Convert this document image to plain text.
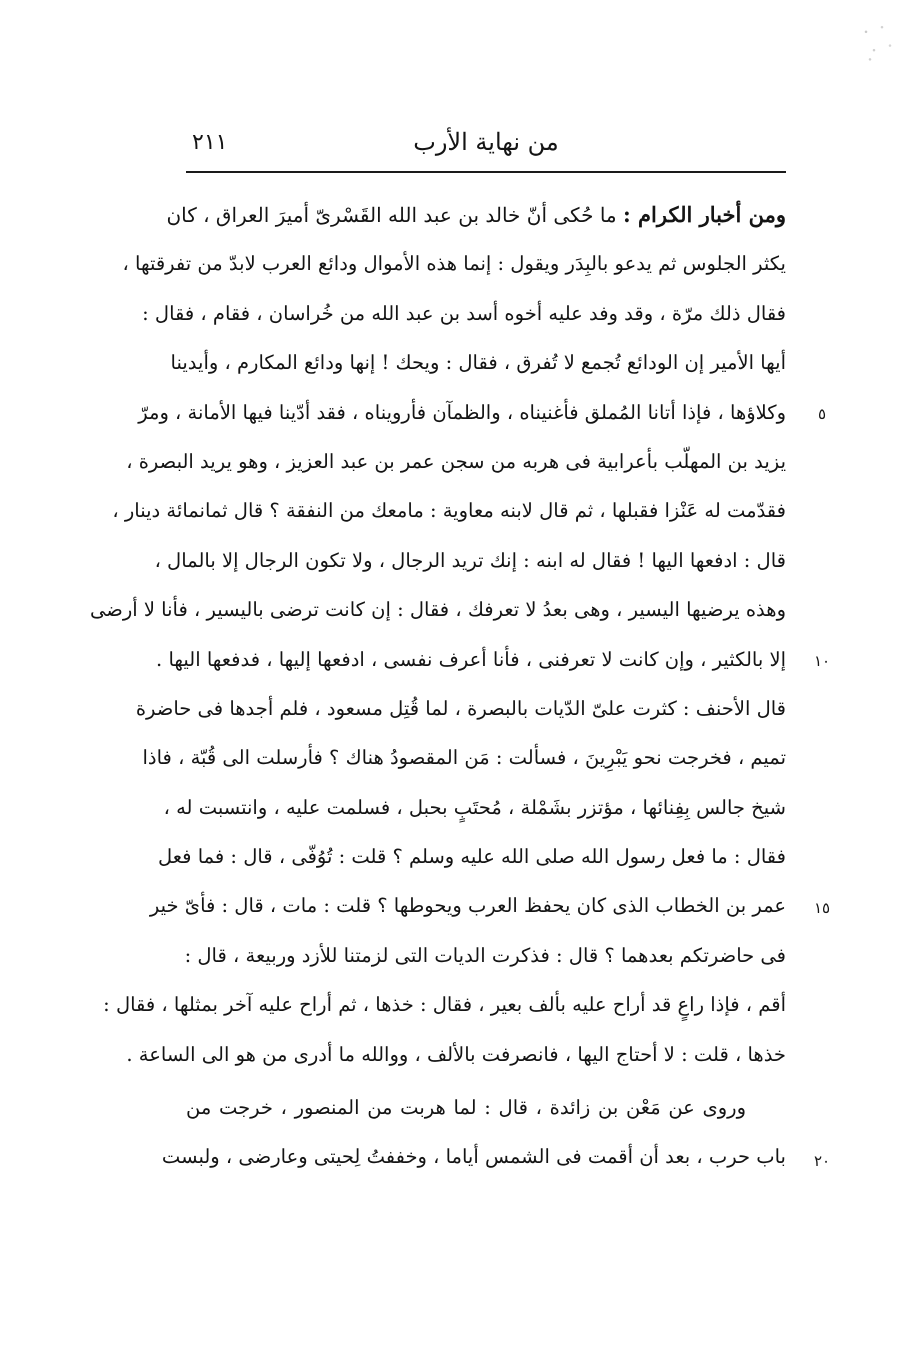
٢١١	من نهاية الأرب
ومن أخبار الكرام : ما حُكى أنّ خالد بن عبد الله القَسْرىّ أميرَ العراق ، كان
يكثر الجلوس ثم يدعو بالبِدَر ويقول : إنما هذه الأموال ودائع العرب لابدّ من تفرقتها ،
فقال ذلك مرّة ، وقد وفد عليه أخوه أسد بن عبد الله من خُراسان ، فقام ، فقال :
أيها الأمير إن الودائع تُجمع لا تُفرق ، فقال : ويحك ! إنها ودائع المكارم ، وأيدينا
وكلاؤها ، فإذا أتانا المُملق فأغنيناه ، والظمآن فأرويناه ، فقد أدّينا فيها الأمانة ، ومرّ
يزيد بن المهلّب بأعرابية فى هربه من سجن عمر بن عبد العزيز ، وهو يريد البصرة ،
فقدّمت له عَنْزا فقبلها ، ثم قال لابنه معاوية : مامعك من النفقة ؟ قال ثمانمائة دينار ،
قال : ادفعها اليها ! فقال له ابنه : إنك تريد الرجال ، ولا تكون الرجال إلا بالمال ،
وهذه يرضيها اليسير ، وهى بعدُ لا تعرفك ، فقال : إن كانت ترضى باليسير ، فأنا لا أرضى
إلا بالكثير ، وإن كانت لا تعرفنى ، فأنا أعرف نفسى ، ادفعها إليها ، فدفعها اليها .
قال الأحنف : كثرت علىّ الدّيات بالبصرة ، لما قُتِل مسعود ، فلم أجدها فى حاضرة
تميم ، فخرجت نحو يَبْرِينَ ، فسألت : مَن المقصودُ هناك ؟ فأرسلت الى قُبّة ، فاذا
شيخ جالس بِفِنائها ، مؤتزر بشَمْلة ، مُحتَبٍ بحبل ، فسلمت عليه ، وانتسبت له ،
فقال : ما فعل رسول الله صلى الله عليه وسلم ؟ قلت : تُوُفّى ، قال : فما فعل
عمر بن الخطاب الذى كان يحفظ العرب ويحوطها ؟ قلت : مات ، قال : فأىّ خير
فى حاضرتكم بعدهما ؟ قال : فذكرت الديات التى لزمتنا للأزد وربيعة ، قال :
أقم ، فإذا راعٍ قد أراح عليه بألف بعير ، فقال : خذها ، ثم أراح عليه آخر بمثلها ، فقال :
خذها ، قلت : لا أحتاج اليها ، فانصرفت بالألف ، ووالله ما أدرى من هو الى الساعة .
وروى عن مَعْن بن زائدة ، قال : لما هربت من المنصور ، خرجت من
باب حرب ، بعد أن أقمت فى الشمس أياما ، وخففتُ لِحيتى وعارضى ، ولبست
٥
١٠
١٥
٢٠
